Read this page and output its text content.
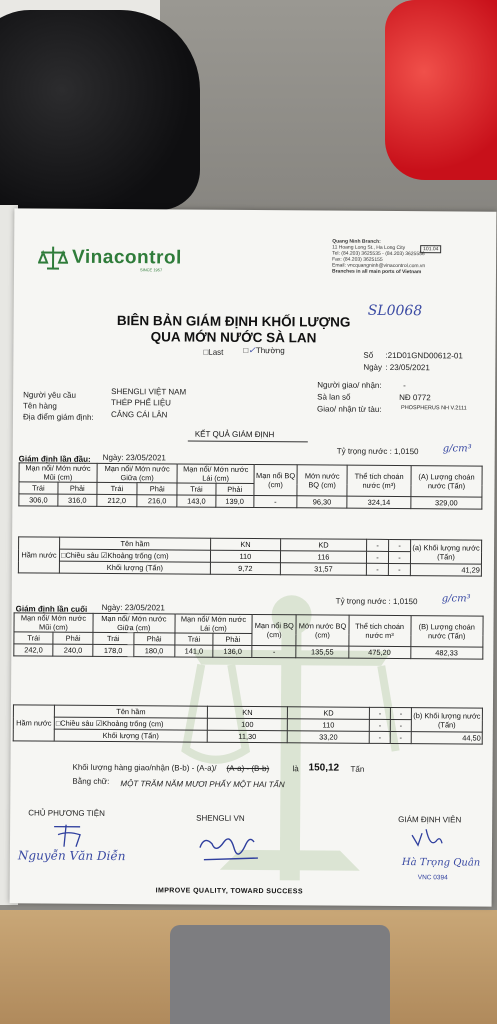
Vinacontrol
SINCE 1957
Quang Ninh Branch:
11 Hoang Long St., Ha Long City
Tel: (84.203) 3625535 - (84.203) 3625556
Fax: (84.203) 3625155
Email: vncquangninh@vinacontrol.com.vn
Branches in all main ports of Vietnam
101.04
BIÊN BẢN GIÁM ĐỊNH KHỐI LƯỢNG
QUA MỚN NƯỚC SÀ LAN
SL0068
□Last □✓Thường
Số :21D01GND00612-01
Ngày : 23/05/2021
Người yêu cầu	SHENGLI VIỆT NAM
Tên hàng	THÉP PHẾ LIỆU
Địa điểm giám định: CẢNG CÁI LÂN
Người giao/ nhận:	-
Sà lan số	NĐ 0772
Giao/ nhận từ tàu:	PHOSPHERUS NH V.2111
KẾT QUẢ GIÁM ĐỊNH
Giám định lần đầu: Ngày: 23/05/2021
Tỷ trọng nước : 1,0150 g/cm³
Mạn nổi/ Mớn nước Mũi (cm)		Mạn nổi/ Mớn nước Giữa (cm)		Mạn nổi/ Mớn nước Lái (cm)		Mạn nổi BQ (cm)	Mớn nước BQ (cm)	Thể tích choán nước (m³)	(A) Lượng choán nước (Tấn)
Trái	Phải	Trái	Phải	Trái	Phải				
306,0	316,0	212,0	216,0	143,0	139,0	-	96,30	324,14	329,00
Hầm nước	Tên hầm	KN	KD	-	-	(a) Khối lượng nước (Tấn)
	□Chiều sâu ☑Khoảng trống (cm)	110	116	-	-	
	Khối lượng (Tấn)	9,72	31,57	-	-	41,29
Tỷ trọng nước : 1,0150 g/cm³
Giám định lần cuối Ngày: 23/05/2021
Mạn nổi/ Mớn nước Mũi (cm)		Mạn nổi/ Mớn nước Giữa (cm)		Mạn nổi/ Mớn nước Lái (cm)		Mạn nổi BQ (cm)	Mớn nước BQ (cm)	Thể tích choán nước m³	(B) Lượng choán nước (Tấn)
Trái	Phải	Trái	Phải	Trái	Phải				
242,0	240,0	178,0	180,0	141,0	136,0	-	135,55	475,20	482,33
Hầm nước	Tên hầm	KN	KD	-	-	(b) Khối lượng nước (Tấn)
	□Chiều sâu ☑Khoảng trống (cm)	100	110	-	-	
	Khối lượng (Tấn)	11,30	33,20	-	-	44,50
Khối lượng hàng giao/nhận (B-b) - (A-a)/ (A-a) - (B-b)	là 150,12 Tấn
Bằng chữ: MỘT TRĂM NĂM MƯƠI PHẨY MỘT HAI TẤN
CHỦ PHƯƠNG TIỆN
SHENGLI VN	GIÁM ĐỊNH VIÊN
Nguyễn Văn Diễn	Hà Trọng Quân
VNC 0394
IMPROVE QUALITY, TOWARD SUCCESS
